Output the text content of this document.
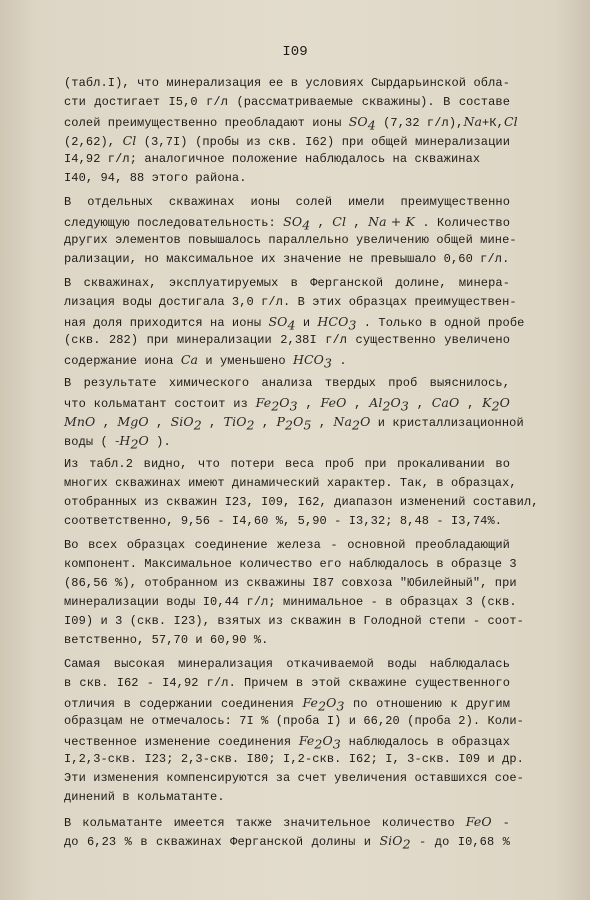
I09
(табл.I), что минерализация ее в условиях Сырдарьинской обла-
сти достигает I5,0 г/л (рассматриваемые скважины). В составе
солей преимущественно преобладают ионы $SO_4$ (7,32 г/л),Na+К,Cl
(2,62), Cl (3,7I) (пробы из скв. I62) при общей минерализации
I4,92 г/л; аналогичное положение наблюдалось на скважинах
I40, 94, 88 этого района.
В отдельных скважинах ионы солей имели преимущественно
следующую последовательность: $SO_4$ , Cl , Na + K . Количество
других элементов повышалось параллельно увеличению общей мине-
рализации, но максимальное их значение не превышало 0,60 г/л.
В скважинах, эксплуатируемых в Ферганской долине, минера-
лизация воды достигала 3,0 г/л. В этих образцах преимуществен-
ная доля приходится на ионы $SO_4$ и $HCO_3$ . Только в одной пробе
(скв. 282) при минерализации 2,38I г/л существенно увеличено
содержание иона Ca и уменьшено $HCO_3$ .
В результате химического анализа твердых проб выяснилось,
что кольматант состоит из $Fe_2O_3$ , FeO , $Al_2O_3$ , CaO , $K_2O$
MnO , MgO , SiO$_2$ , TiO$_2$ , $P_2O_5$ , $Na_2O$ и кристаллизационной
воды ( $-H_2O$ ).
Из табл.2 видно, что потери веса проб при прокаливании во
многих скважинах имеют динамический характер. Так, в образцах,
отобранных из скважин I23, I09, I62, диапазон изменений составил,
соответственно, 9,56 - I4,60 %, 5,90 - I3,32; 8,48 - I3,74%.
Во всех образцах соединение железа - основной преобладающий
компонент. Максимальное количество его наблюдалось в образце 3
(86,56 %), отобранном из скважины I87 совхоза "Юбилейный", при
минерализации воды I0,44 г/л; минимальное - в образцах 3 (скв.
I09) и 3 (скв. I23), взятых из скважин в Голодной степи - соот-
ветственно, 57,70 и 60,90 %.
Самая высокая минерализация откачиваемой воды наблюдалась
в скв. I62 - I4,92 г/л. Причем в этой скважине существенного
отличия в содержании соединения $Fe_2O_3$ по отношению к другим
образцам не отмечалось: 7I % (проба I) и 66,20 (проба 2). Коли-
чественное изменение соединения $Fe_2O_3$ наблюдалось в образцах
I,2,3-скв. I23; 2,3-скв. I80; I,2-скв. I62; I, 3-скв. I09 и др.
Эти изменения компенсируются за счет увеличения оставшихся сое-
динений в кольматанте.
В кольматанте имеется также значительное количество FeO -
до 6,23 % в скважинах Ферганской долины и SiO$_2$ - до I0,68 %
